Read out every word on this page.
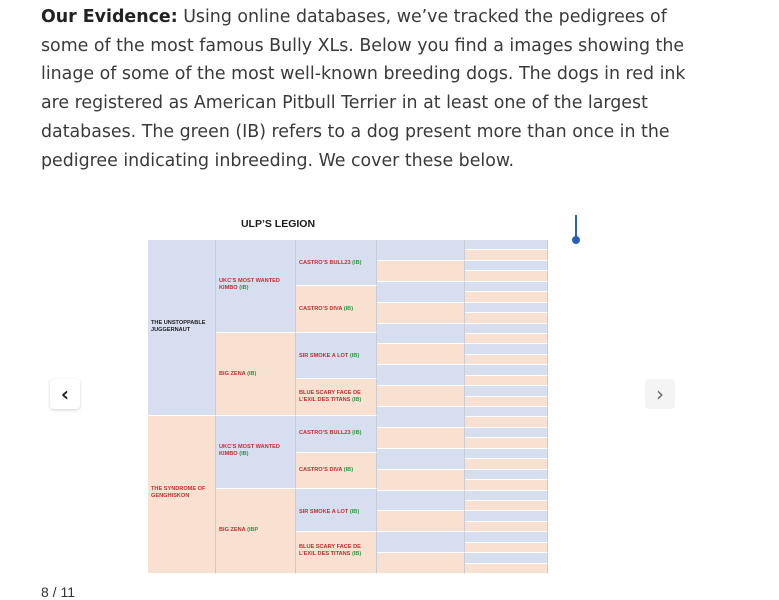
Our Evidence: Using online databases, we’ve tracked the pedigrees of some of the most famous Bully XLs. Below you find a images showing the linage of some of the most well-known breeding dogs. The dogs in red ink are registered as American Pitbull Terrier in at least one of the largest databases. The green (IB) refers to a dog present more than once in the pedigree indicating inbreeding. We cover these below.
ULP’S LEGION
THE UNSTOPPABLE JUGGERNAUT
THE SYNDROME OF GENGHISKON
UKC’S MOST WANTED KIMBO (IB)
BIG ZENA (IB)
UKC’S MOST WANTED KIMBO (IB)
BIG ZENA (IBP
CASTRO’S BULL23 (IB)
CASTRO’S DIVA (IB)
SIR SMOKE A LOT (IB)
BLUE SCARY FACE DE L’EXIL DES TITANS (IB)
CASTRO’S BULL23 (IB)
CASTRO’S DIVA (IB)
SIR SMOKE A LOT (IB)
BLUE SCARY FACE DE L’EXIL DES TITANS (IB)
‹	›
8 / 11
